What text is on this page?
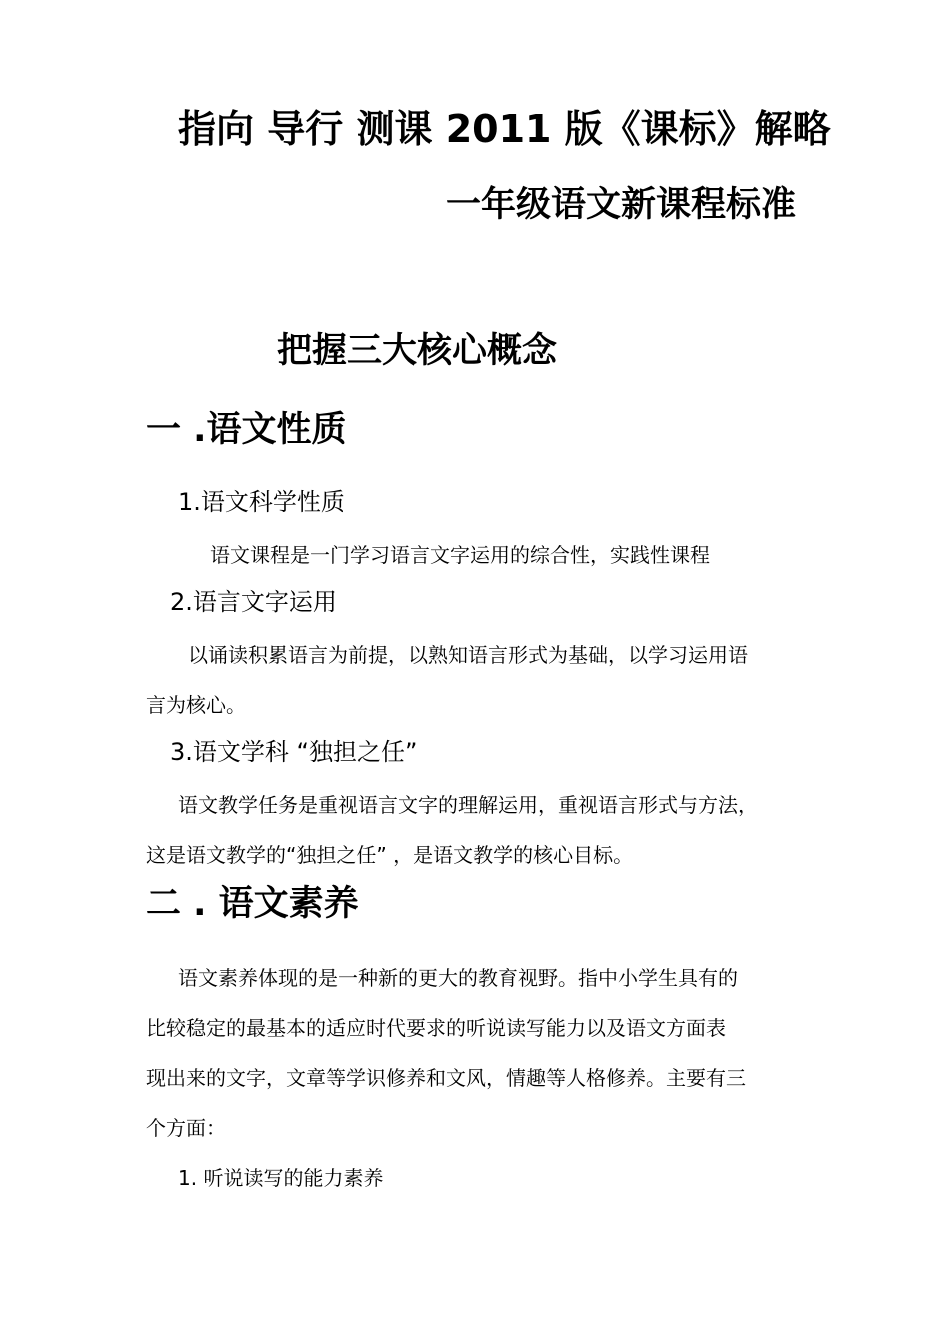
指向 导行 测课 2011 版《课标》解略
一年级语文新课程标准
把握三大核心概念
一 .语文性质

1.语文科学性质

语文课程是一门学习语言文字运用的综合性，实践性课程

2.语言文字运用

以诵读积累语言为前提，以熟知语言形式为基础，以学习运用语

言为核心。

3.语文学科 “独担之任”

语文教学任务是重视语言文字的理解运用，重视语言形式与方法，

这是语文教学的“独担之任” ，是语文教学的核心目标。

二 . 语文素养

语文素养体现的是一种新的更大的教育视野。指中小学生具有的

比较稳定的最基本的适应时代要求的听说读写能力以及语文方面表

现出来的文字，文章等学识修养和文风，情趣等人格修养。主要有三

个方面：

1. 听说读写的能力素养
